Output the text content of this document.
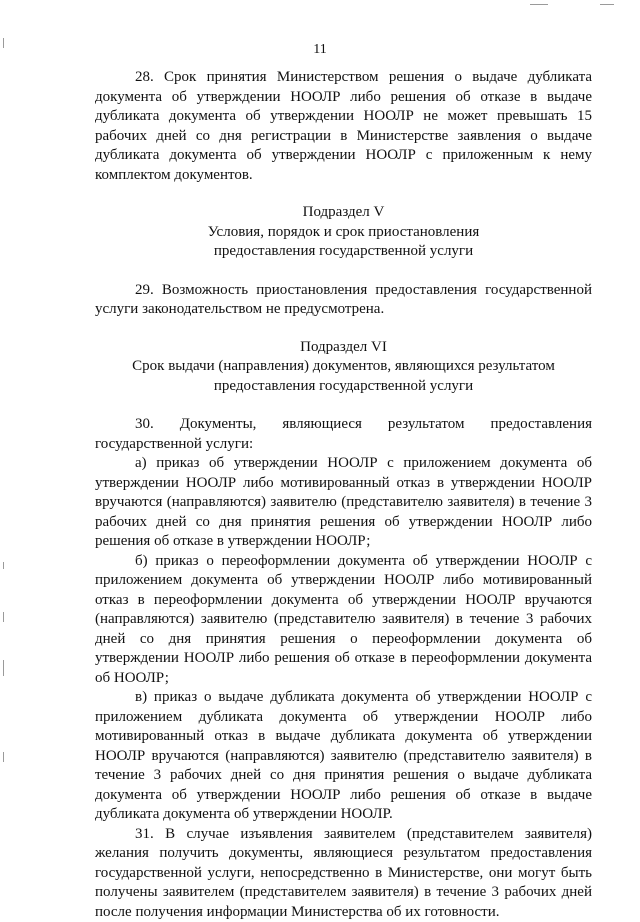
11

28. Срок принятия Министерством решения о выдаче дубликата документа об утверждении НООЛР либо решения об отказе в выдаче дубликата документа об утверждении НООЛР не может превышать 15 рабочих дней со дня регистрации в Министерстве заявления о выдаче дубликата документа об утверждении НООЛР с приложенным к нему комплектом документов.

Подраздел V

Условия, порядок и срок приостановления

предоставления государственной услуги

29. Возможность приостановления предоставления государственной услуги законодательством не предусмотрена.

Подраздел VI

Срок выдачи (направления) документов, являющихся результатом

предоставления государственной услуги

30. Документы, являющиеся результатом предоставления государственной услуги:

а) приказ об утверждении НООЛР с приложением документа об утверждении НООЛР либо мотивированный отказ в утверждении НООЛР вручаются (направляются) заявителю (представителю заявителя) в течение 3 рабочих дней со дня принятия решения об утверждении НООЛР либо решения об отказе в утверждении НООЛР;

б) приказ о переоформлении документа об утверждении НООЛР с приложением документа об утверждении НООЛР либо мотивированный отказ в переоформлении документа об утверждении НООЛР вручаются (направляются) заявителю (представителю заявителя) в течение 3 рабочих дней со дня принятия решения о переоформлении документа об утверждении НООЛР либо решения об отказе в переоформлении документа об НООЛР;

в) приказ о выдаче дубликата документа об утверждении НООЛР с приложением дубликата документа об утверждении НООЛР либо мотивированный отказ в выдаче дубликата документа об утверждении НООЛР вручаются (направляются) заявителю (представителю заявителя) в течение 3 рабочих дней со дня принятия решения о выдаче дубликата документа об утверждении НООЛР либо решения об отказе в выдаче дубликата документа об утверждении НООЛР.

31. В случае изъявления заявителем (представителем заявителя) желания получить документы, являющиеся результатом предоставления государственной услуги, непосредственно в Министерстве, они могут быть получены заявителем (представителем заявителя) в течение 3 рабочих дней после получения информации Министерства об их готовности.
